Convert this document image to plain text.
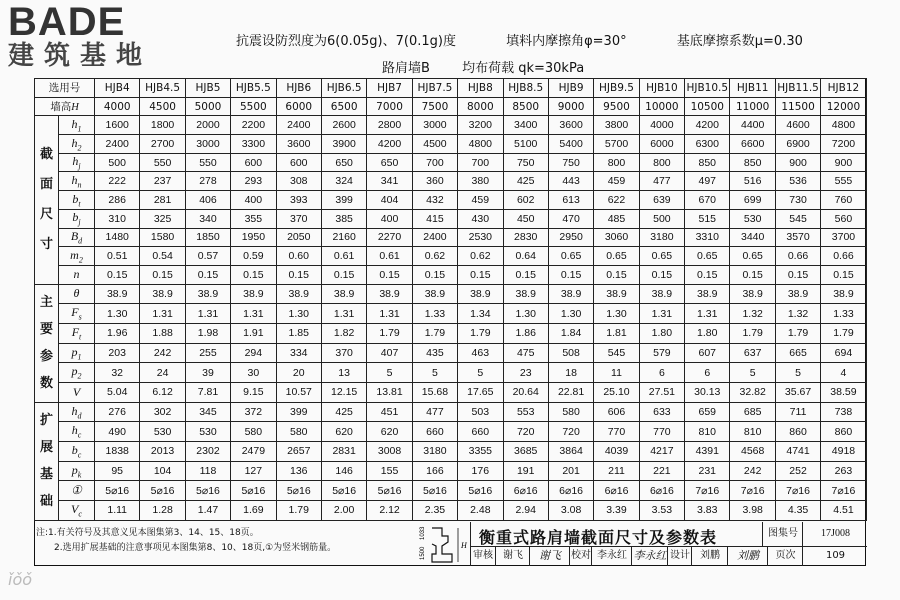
BADE
建筑基地	抗震设防烈度为6(0.05g)、7(0.1g)度	填料内摩擦角φ=30°	基底摩擦系数μ=0.30
路肩墙B 均布荷载 qk=30kPa
选用号		HJB4	HJB4.5	HJB5	HJB5.5	HJB6	HJB6.5	HJB7	HJB7.5	HJB8	HJB8.5	HJB9	HJB9.5	HJB10	HJB10.5	HJB11	HJB11.5	HJB12
墙高H		4000	4500	5000	5500	6000	6500	7000	7500	8000	8500	9000	9500	10000	10500	11000	11500	12000

截
面
尺
寸	$h_1$	1600	1800	2000	2200	2400	2600	2800	3000	3200	3400	3600	3800	4000	4200	4400	4600	4800
	$h_2$	2400	2700	3000	3300	3600	3900	4200	4500	4800	5100	5400	5700	6000	6300	6600	6900	7200
	$h_j$	500	550	550	600	600	650	650	700	700	750	750	800	800	850	850	900	900
	$h_n$	222	237	278	293	308	324	341	360	380	425	443	459	477	497	516	536	555
	$b_t$	286	281	406	400	393	399	404	432	459	602	613	622	639	670	699	730	760
	$b_j$	310	325	340	355	370	385	400	415	430	450	470	485	500	515	530	545	560
	$B_d$	1480	1580	1850	1950	2050	2160	2270	2400	2530	2830	2950	3060	3180	3310	3440	3570	3700
	$m_2$	0.51	0.54	0.57	0.59	0.60	0.61	0.61	0.62	0.62	0.64	0.65	0.65	0.65	0.65	0.65	0.66	0.66
	n	0.15	0.15	0.15	0.15	0.15	0.15	0.15	0.15	0.15	0.15	0.15	0.15	0.15	0.15	0.15	0.15	0.15

主
要
参
数	θ	38.9	38.9	38.9	38.9	38.9	38.9	38.9	38.9	38.9	38.9	38.9	38.9	38.9	38.9	38.9	38.9	38.9
	$F_s$	1.30	1.31	1.31	1.31	1.30	1.31	1.31	1.33	1.34	1.30	1.30	1.30	1.31	1.31	1.32	1.32	1.33
	$F_t$	1.96	1.88	1.98	1.91	1.85	1.82	1.79	1.79	1.79	1.86	1.84	1.81	1.80	1.80	1.79	1.79	1.79
	$p_1$	203	242	255	294	334	370	407	435	463	475	508	545	579	607	637	665	694
	$p_2$	32	24	39	30	20	13	5	5	5	23	18	11	6	6	5	5	4
	V	5.04	6.12	7.81	9.15	10.57	12.15	13.81	15.68	17.65	20.64	22.81	25.10	27.51	30.13	32.82	35.67	38.59

扩
展
基
础	$h_d$	276	302	345	372	399	425	451	477	503	553	580	606	633	659	685	711	738
	$h_c$	490	530	530	580	580	620	620	660	660	720	720	770	770	810	810	860	860
	$b_c$	1838	2013	2302	2479	2657	2831	3008	3180	3355	3685	3864	4039	4217	4391	4568	4741	4918
	$p_k$	95	104	118	127	136	146	155	166	176	191	201	211	221	231	242	252	263
	①	5⌀16	5⌀16	5⌀16	5⌀16	5⌀16	5⌀16	5⌀16	5⌀16	5⌀16	6⌀16	6⌀16	6⌀16	6⌀16	7⌀16	7⌀16	7⌀16	7⌀16
	$V_c$	1.11	1.28	1.47	1.69	1.79	2.00	2.12	2.35	2.48	2.94	3.08	3.39	3.53	3.83	3.98	4.35	4.51
注:1.有关符号及其意义见本图集第3、14、15、18页。
2.选用扩展基础的注意事项见本图集第8、10、18页,①为竖米钢筋量。
1033
1500
H 衡重式路肩墙截面尺寸及参数表	图集号	17J008
审核	谢飞	谢飞	校对 李永红 李永红 设计	刘鹏	刘鹏	页次	109
ǐǒǒ
